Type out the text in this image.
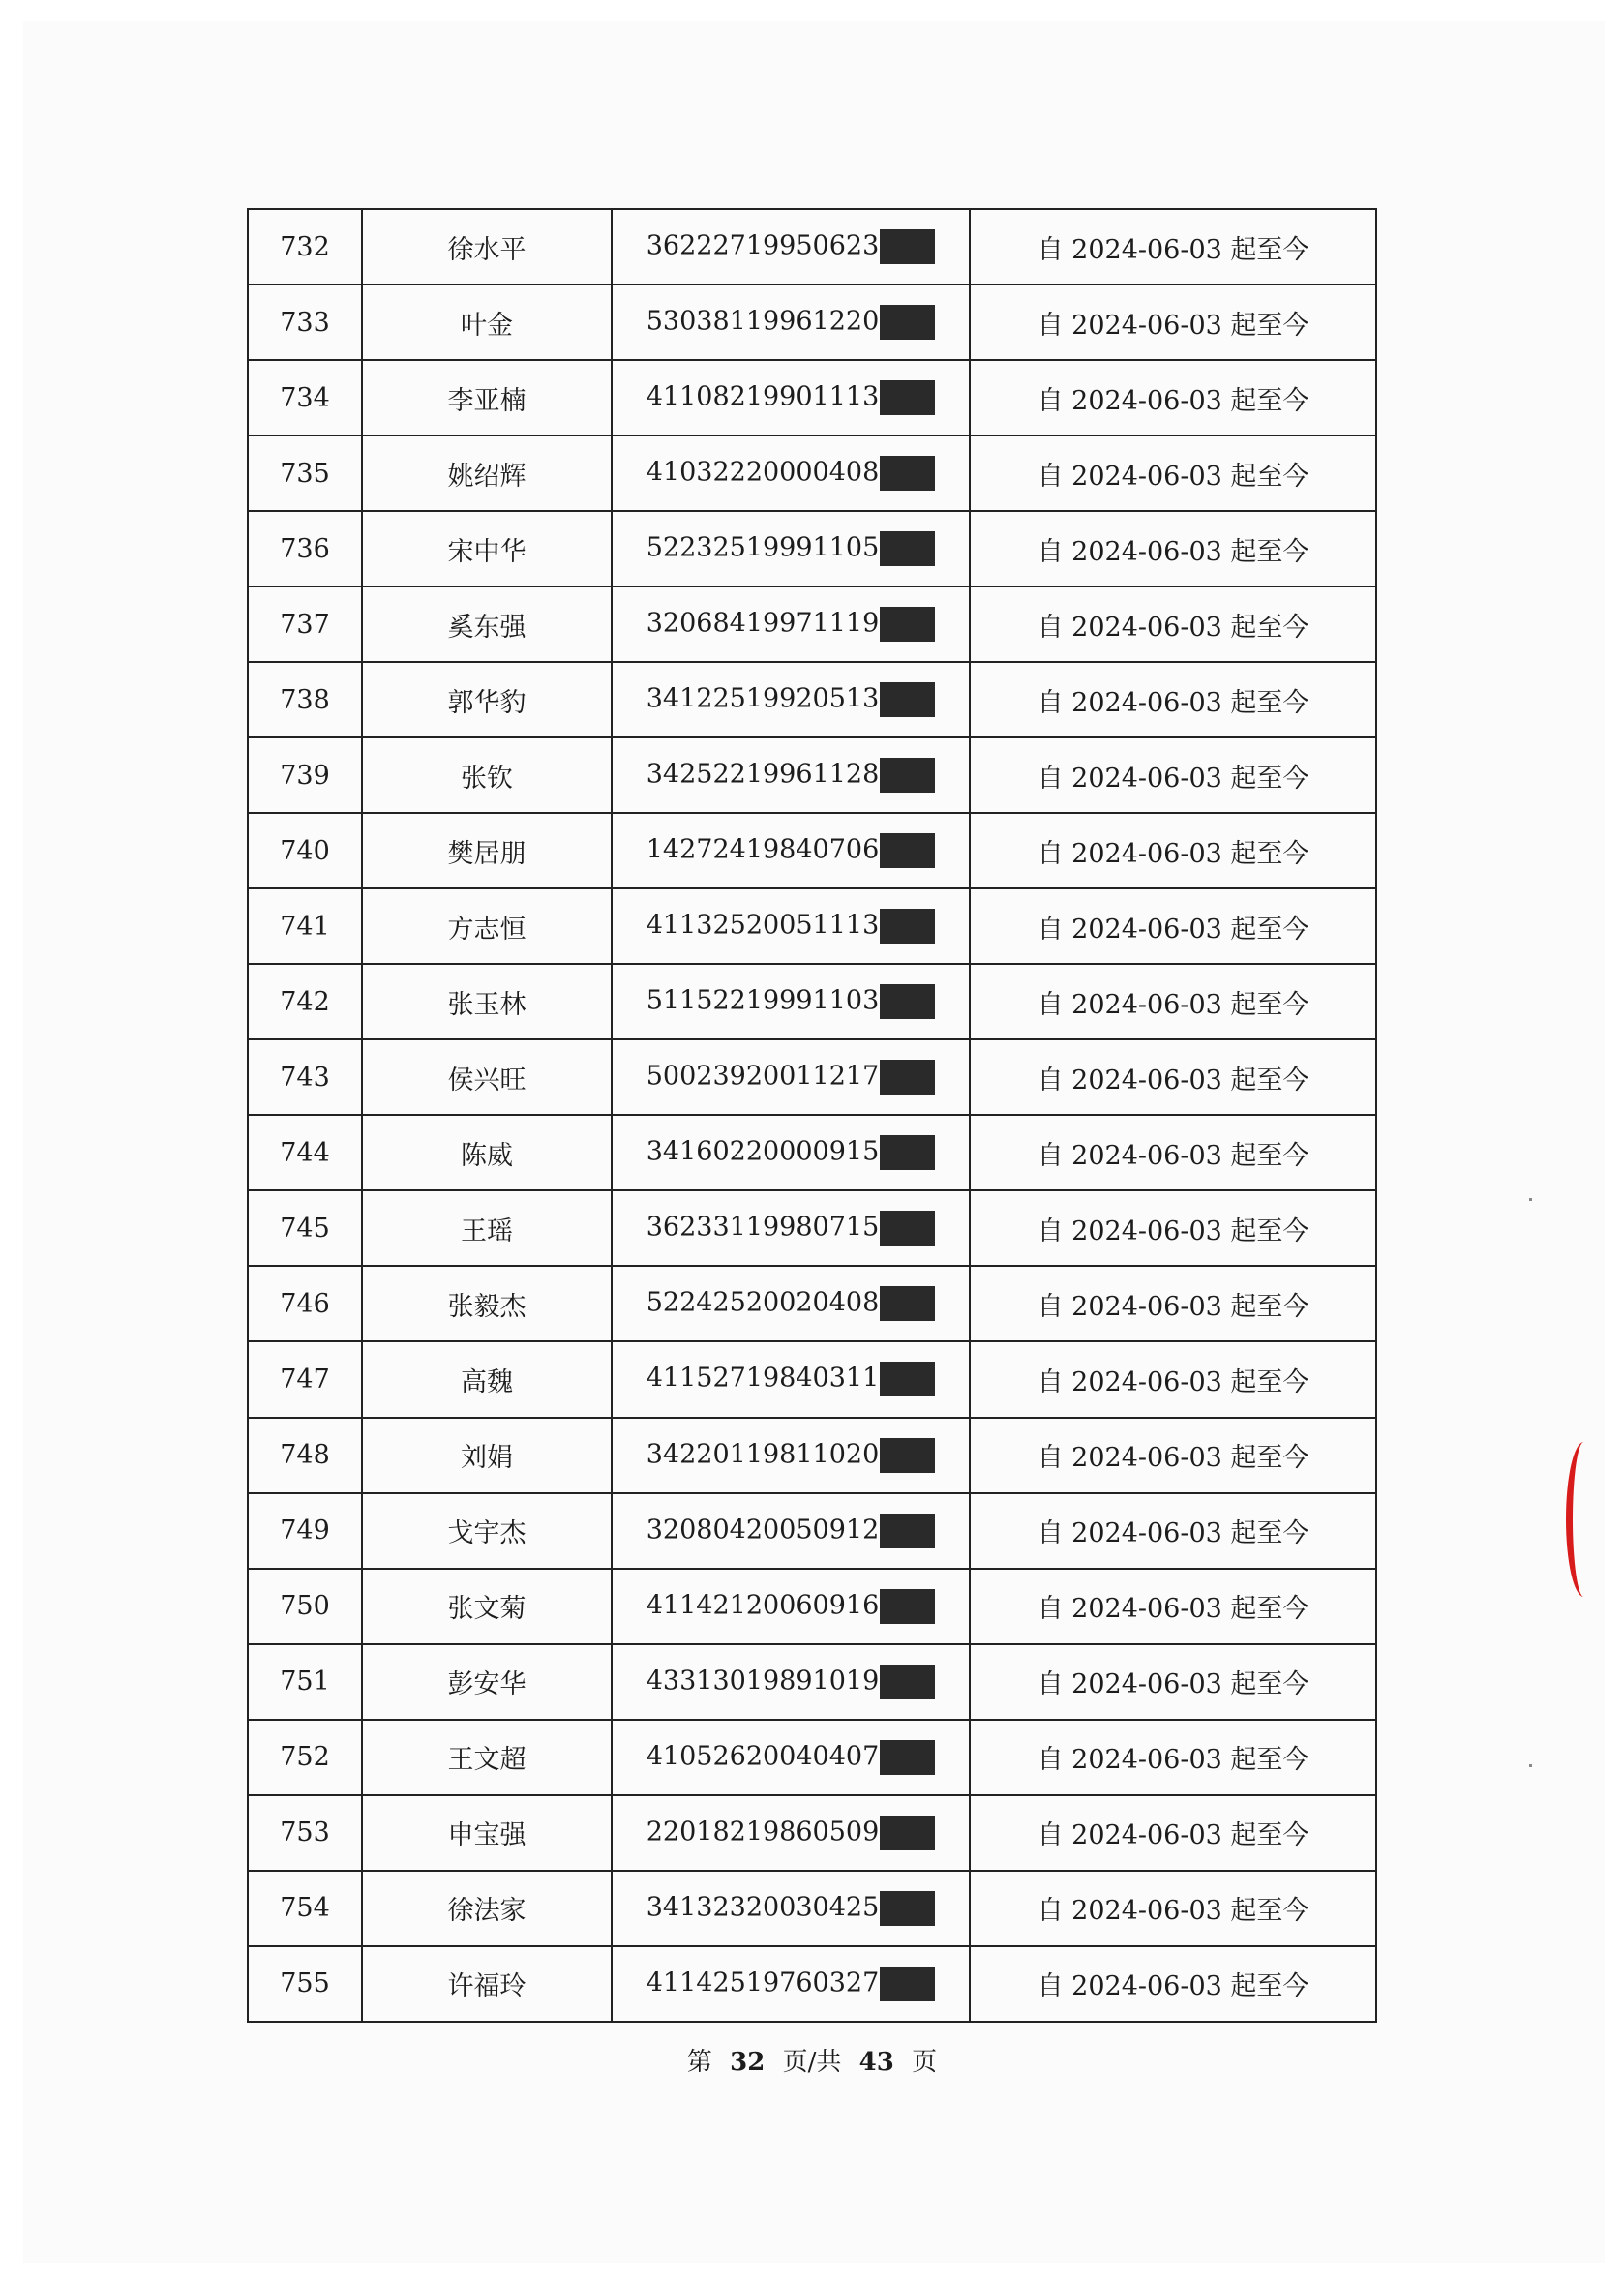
732	徐水平	36222719950623	自 2024-06-03 起至今
733	叶金	53038119961220	自 2024-06-03 起至今
734	李亚楠	41108219901113	自 2024-06-03 起至今
735	姚绍辉	41032220000408	自 2024-06-03 起至今
736	宋中华	52232519991105	自 2024-06-03 起至今
737	奚东强	32068419971119	自 2024-06-03 起至今
738	郭华豹	34122519920513	自 2024-06-03 起至今
739	张钦	34252219961128	自 2024-06-03 起至今
740	樊居朋	14272419840706	自 2024-06-03 起至今
741	方志恒	41132520051113	自 2024-06-03 起至今
742	张玉林	51152219991103	自 2024-06-03 起至今
743	侯兴旺	50023920011217	自 2024-06-03 起至今
744	陈威	34160220000915	自 2024-06-03 起至今
745	王瑶	36233119980715	自 2024-06-03 起至今
746	张毅杰	52242520020408	自 2024-06-03 起至今
747	高魏	41152719840311	自 2024-06-03 起至今
748	刘娟	34220119811020	自 2024-06-03 起至今
749	戈宇杰	32080420050912	自 2024-06-03 起至今
750	张文菊	41142120060916	自 2024-06-03 起至今
751	彭安华	43313019891019	自 2024-06-03 起至今
752	王文超	41052620040407	自 2024-06-03 起至今
753	申宝强	22018219860509	自 2024-06-03 起至今
754	徐法家	34132320030425	自 2024-06-03 起至今
755	许福玲	41142519760327	自 2024-06-03 起至今
第 32 页/共 43 页
